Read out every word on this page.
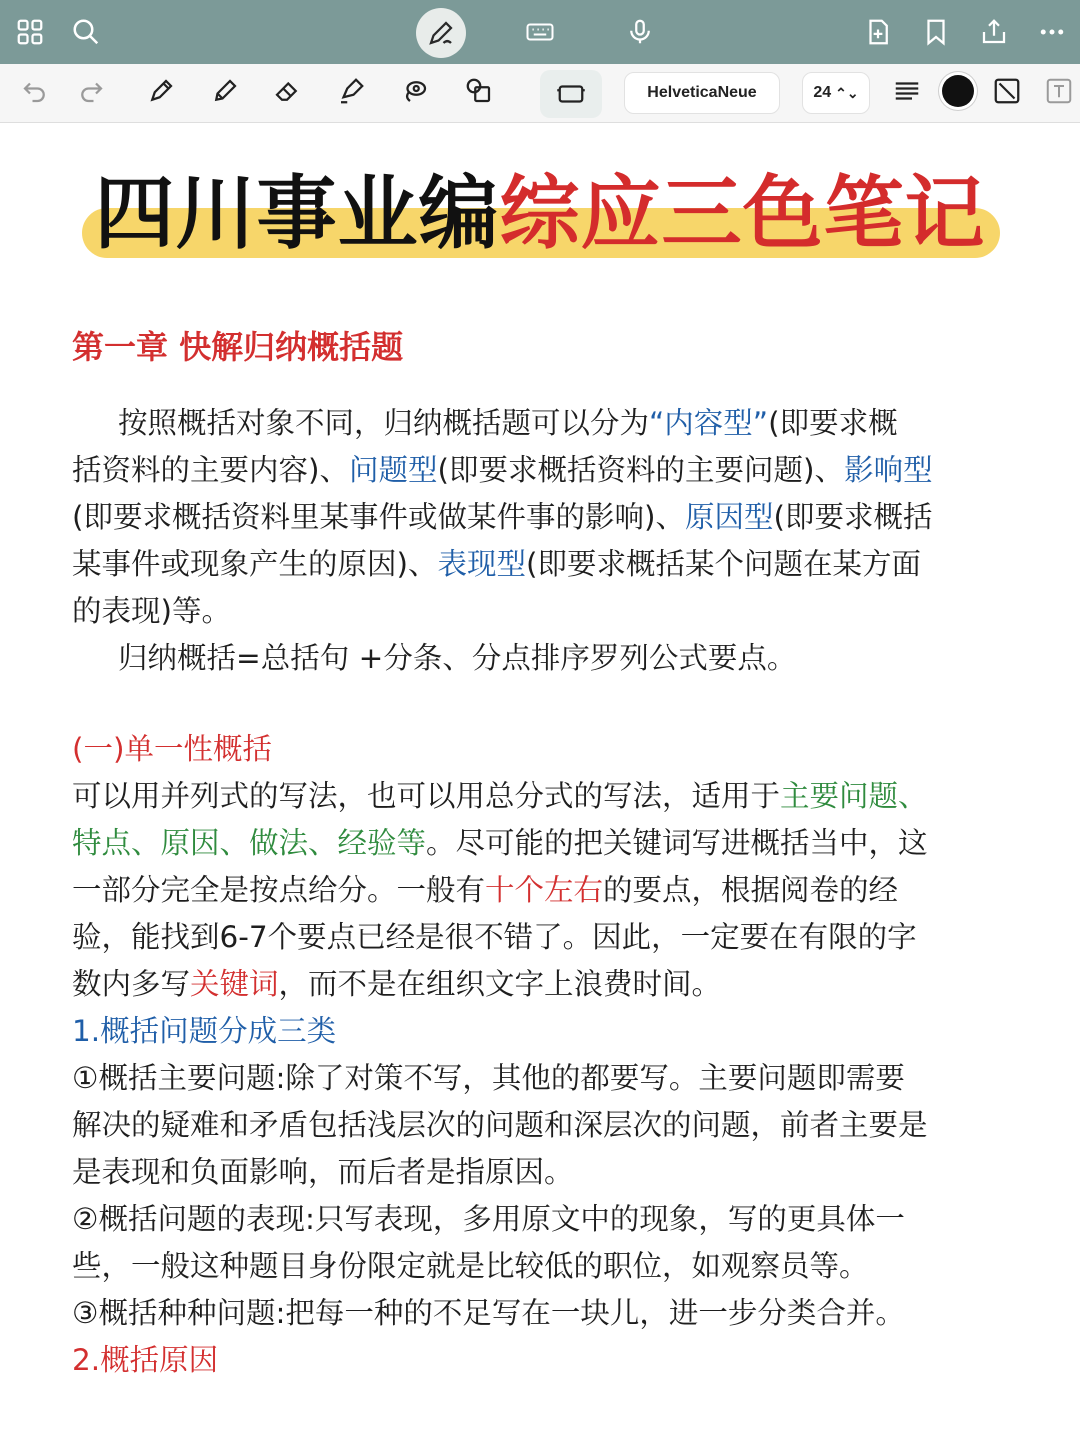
HelveticaNeue	24 ⌃⌄
四川事业编综应三色笔记
第一章 快解归纳概括题
按照概括对象不同，归纳概括题可以分为“内容型”(即要求概
括资料的主要内容)、问题型(即要求概括资料的主要问题)、影响型
(即要求概括资料里某事件或做某件事的影响)、原因型(即要求概括
某事件或现象产生的原因)、表现型(即要求概括某个问题在某方面
的表现)等。
归纳概括=总括句 +分条、分点排序罗列公式要点。
(一)单一性概括
可以用并列式的写法，也可以用总分式的写法，适用于主要问题、
特点、原因、做法、经验等。尽可能的把关键词写进概括当中，这
一部分完全是按点给分。一般有十个左右的要点，根据阅卷的经
验，能找到6-7个要点已经是很不错了。因此，一定要在有限的字
数内多写关键词，而不是在组织文字上浪费时间。
1.概括问题分成三类
①概括主要问题:除了对策不写，其他的都要写。主要问题即需要
解决的疑难和矛盾包括浅层次的问题和深层次的问题，前者主要是
是表现和负面影响，而后者是指原因。
②概括问题的表现:只写表现，多用原文中的现象，写的更具体一
些，一般这种题目身份限定就是比较低的职位，如观察员等。
③概括种种问题:把每一种的不足写在一块儿，进一步分类合并。
2.概括原因
